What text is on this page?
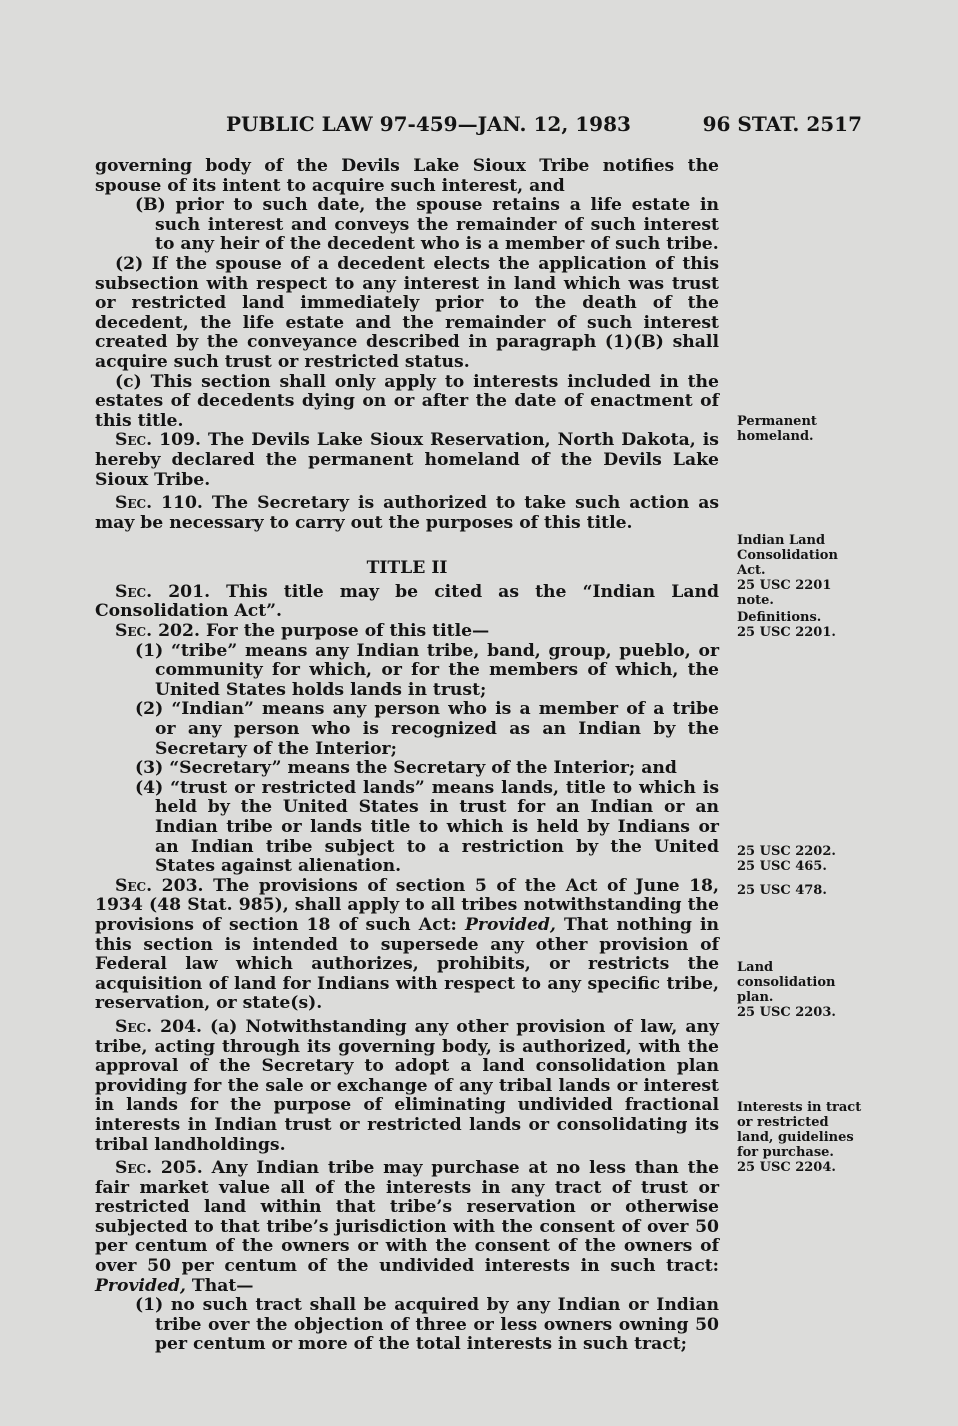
PUBLIC LAW 97-459—JAN. 12, 1983	96 STAT. 2517

governing body of the Devils Lake Sioux Tribe notifies the spouse of its intent to acquire such interest, and

(B) prior to such date, the spouse retains a life estate in such interest and conveys the remainder of such interest to any heir of the decedent who is a member of such tribe.

(2) If the spouse of a decedent elects the application of this subsection with respect to any interest in land which was trust or restricted land immediately prior to the death of the decedent, the life estate and the remainder of such interest created by the conveyance described in paragraph (1)(B) shall acquire such trust or restricted status.

(c) This section shall only apply to interests included in the estates of decedents dying on or after the date of enactment of this title.

Sec. 109. The Devils Lake Sioux Reservation, North Dakota, is hereby declared the permanent homeland of the Devils Lake Sioux Tribe.

Sec. 110. The Secretary is authorized to take such action as may be necessary to carry out the purposes of this title.

TITLE II

Sec. 201. This title may be cited as the “Indian Land Consolidation Act”.

Sec. 202. For the purpose of this title—

(1) “tribe” means any Indian tribe, band, group, pueblo, or community for which, or for the members of which, the United States holds lands in trust;

(2) “Indian” means any person who is a member of a tribe or any person who is recognized as an Indian by the Secretary of the Interior;

(3) “Secretary” means the Secretary of the Interior; and

(4) “trust or restricted lands” means lands, title to which is held by the United States in trust for an Indian or an Indian tribe or lands title to which is held by Indians or an Indian tribe subject to a restriction by the United States against alienation.

Sec. 203. The provisions of section 5 of the Act of June 18, 1934 (48 Stat. 985), shall apply to all tribes notwithstanding the provisions of section 18 of such Act: Provided, That nothing in this section is intended to supersede any other provision of Federal law which authorizes, prohibits, or restricts the acquisition of land for Indians with respect to any specific tribe, reservation, or state(s).

Sec. 204. (a) Notwithstanding any other provision of law, any tribe, acting through its governing body, is authorized, with the approval of the Secretary to adopt a land consolidation plan providing for the sale or exchange of any tribal lands or interest in lands for the purpose of eliminating undivided fractional interests in Indian trust or restricted lands or consolidating its tribal landholdings.

Sec. 205. Any Indian tribe may purchase at no less than the fair market value all of the interests in any tract of trust or restricted land within that tribe’s reservation or otherwise subjected to that tribe’s jurisdiction with the consent of over 50 per centum of the owners or with the consent of the owners of over 50 per centum of the undivided interests in such tract: Provided, That—

(1) no such tract shall be acquired by any Indian or Indian tribe over the objection of three or less owners owning 50 per centum or more of the total interests in such tract;

Permanent
homeland.
Indian Land
Consolidation
Act.
25 USC 2201
note.
Definitions.
25 USC 2201.
25 USC 2202.
25 USC 465.
25 USC 478.
Land
consolidation
plan.
25 USC 2203.
Interests in tract
or restricted
land, guidelines
for purchase.
25 USC 2204.
